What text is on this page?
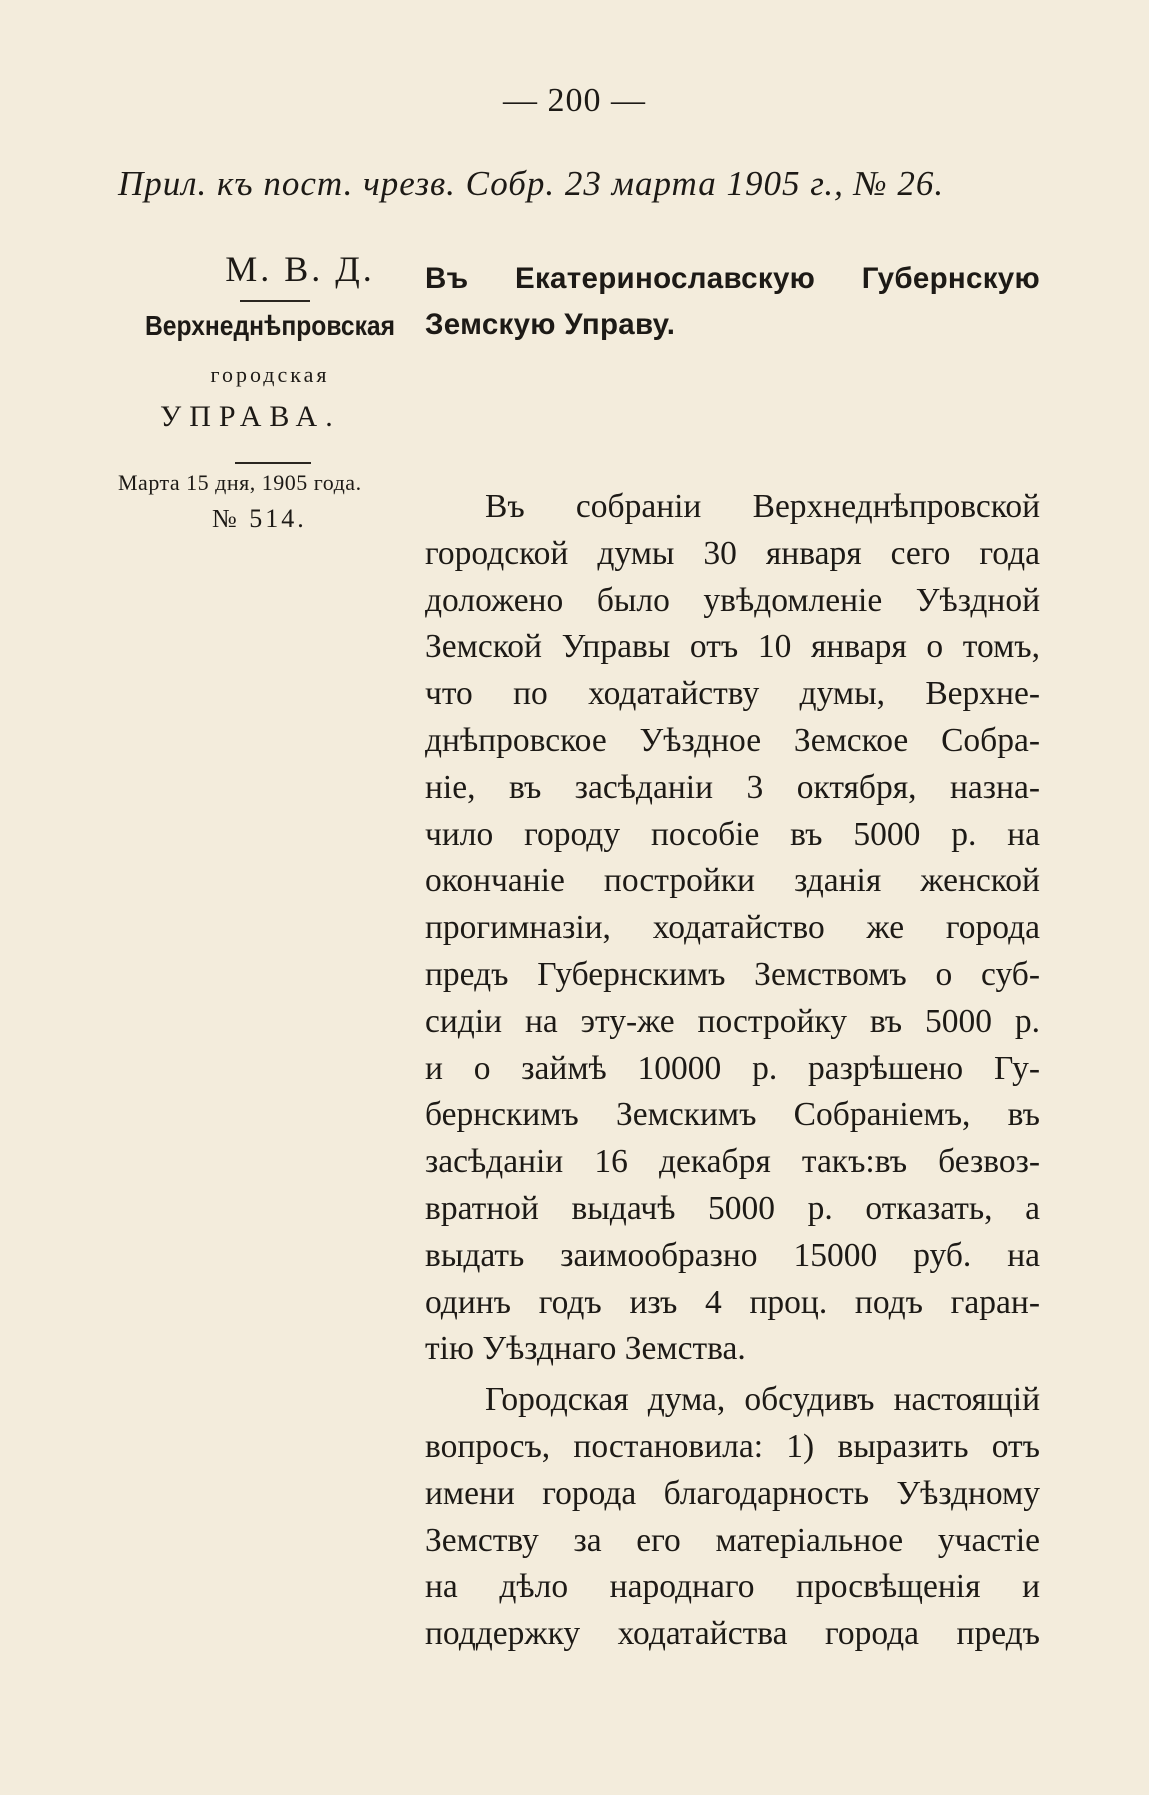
— 200 —
Прил. къ пост. чрезв. Собр. 23 марта 1905 г., № 26.
М. В. Д.
Верхнеднѣпровская
городская
УПРАВА.
Марта 15 дня, 1905 года.
№ 514.
Въ Екатеринославскую Губернскую
Земскую Управу.

Въ собраніи Верхнеднѣпровской
городской думы 30 января сего года
доложено было увѣдомленіе Уѣздной
Земской Управы отъ 10 января о томъ,
что по ходатайству думы, Верхне-
днѣпровское Уѣздное Земское Собра-
ніе, въ засѣданіи 3 октября, назна-
чило городу пособіе въ 5000 р. на
окончаніе постройки зданія женской
прогимназіи, ходатайство же города
предъ Губернскимъ Земствомъ о суб-
сидіи на эту-же постройку въ 5000 р.
и о займѣ 10000 р. разрѣшено Гу-
бернскимъ Земскимъ Собраніемъ, въ
засѣданіи 16 декабря такъ:въ безвоз-
вратной выдачѣ 5000 р. отказать, а
выдать заимообразно 15000 руб. на
одинъ годъ изъ 4 проц. подъ гаран-
тію Уѣзднаго Земства.

Городская дума, обсудивъ настоящій
вопросъ, постановила: 1) выразить отъ
имени города благодарность Уѣздному
Земству за его матеріальное участіе
на дѣло народнаго просвѣщенія и
поддержку ходатайства города предъ
